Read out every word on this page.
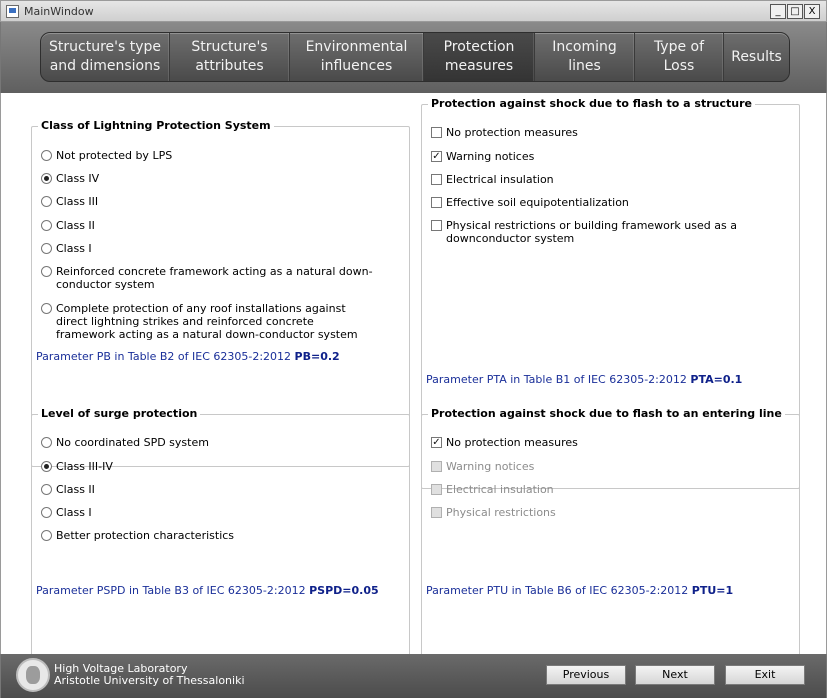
MainWindow	_ □ X
Structure's type
and dimensions
Structure's
attributes
Environmental
influences
Protection
measures
Incoming
lines
Type of
Loss
Results
Class of Lightning Protection System
Not protected by LPS
Class IV
Class III
Class II
Class I
Reinforced concrete framework acting as a natural down-
conductor system
Complete protection of any roof installations against
direct lightning strikes and reinforced concrete
framework acting as a natural down-conductor system
Parameter PB in Table B2 of IEC 62305-2:2012 PB=0.2
Protection against shock due to flash to a structure
No protection measures
✓ Warning notices
Electrical insulation
Effective soil equipotentialization
Physical restrictions or building framework used as a
downconductor system
Parameter PTA in Table B1 of IEC 62305-2:2012 PTA=0.1
Level of surge protection
No coordinated SPD system
Class III-IV
Class II
Class I
Better protection characteristics
Parameter PSPD in Table B3 of IEC 62305-2:2012 PSPD=0.05
Protection against shock due to flash to an entering line
✓ No protection measures
Warning notices
Electrical insulation
Physical restrictions
Parameter PTU in Table B6 of IEC 62305-2:2012 PTU=1
High Voltage Laboratory
Aristotle University of Thessaloniki	Previous	Next	Exit
